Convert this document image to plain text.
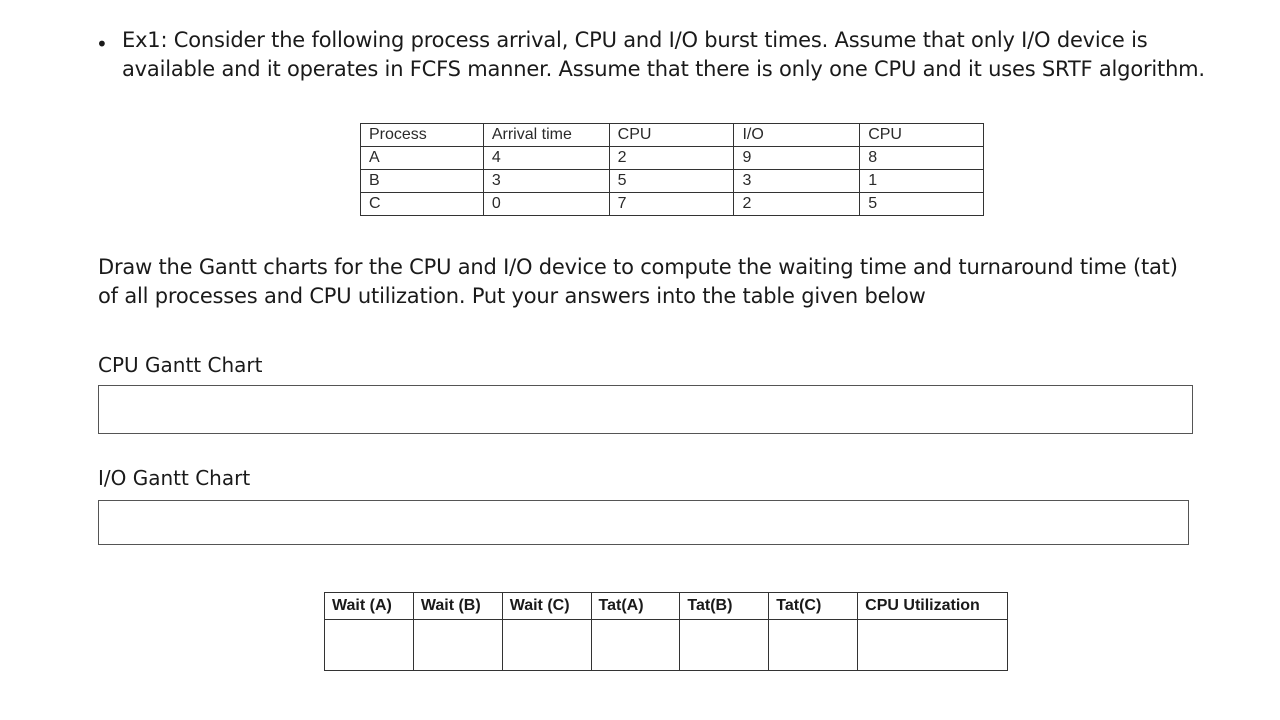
• Ex1: Consider the following process arrival, CPU and I/O burst times. Assume that only I/O device is available and it operates in FCFS manner. Assume that there is only one CPU and it uses SRTF algorithm.
Process	Arrival time	CPU	I/O	CPU
A	4	2	9	8
B	3	5	3	1
C	0	7	2	5
Draw the Gantt charts for the CPU and I/O device to compute the waiting time and turnaround time (tat) of all processes and CPU utilization. Put your answers into the table given below
CPU Gantt Chart
I/O Gantt Chart
Wait (A)	Wait (B)	Wait (C)	Tat(A)	Tat(B)	Tat(C)	CPU Utilization
